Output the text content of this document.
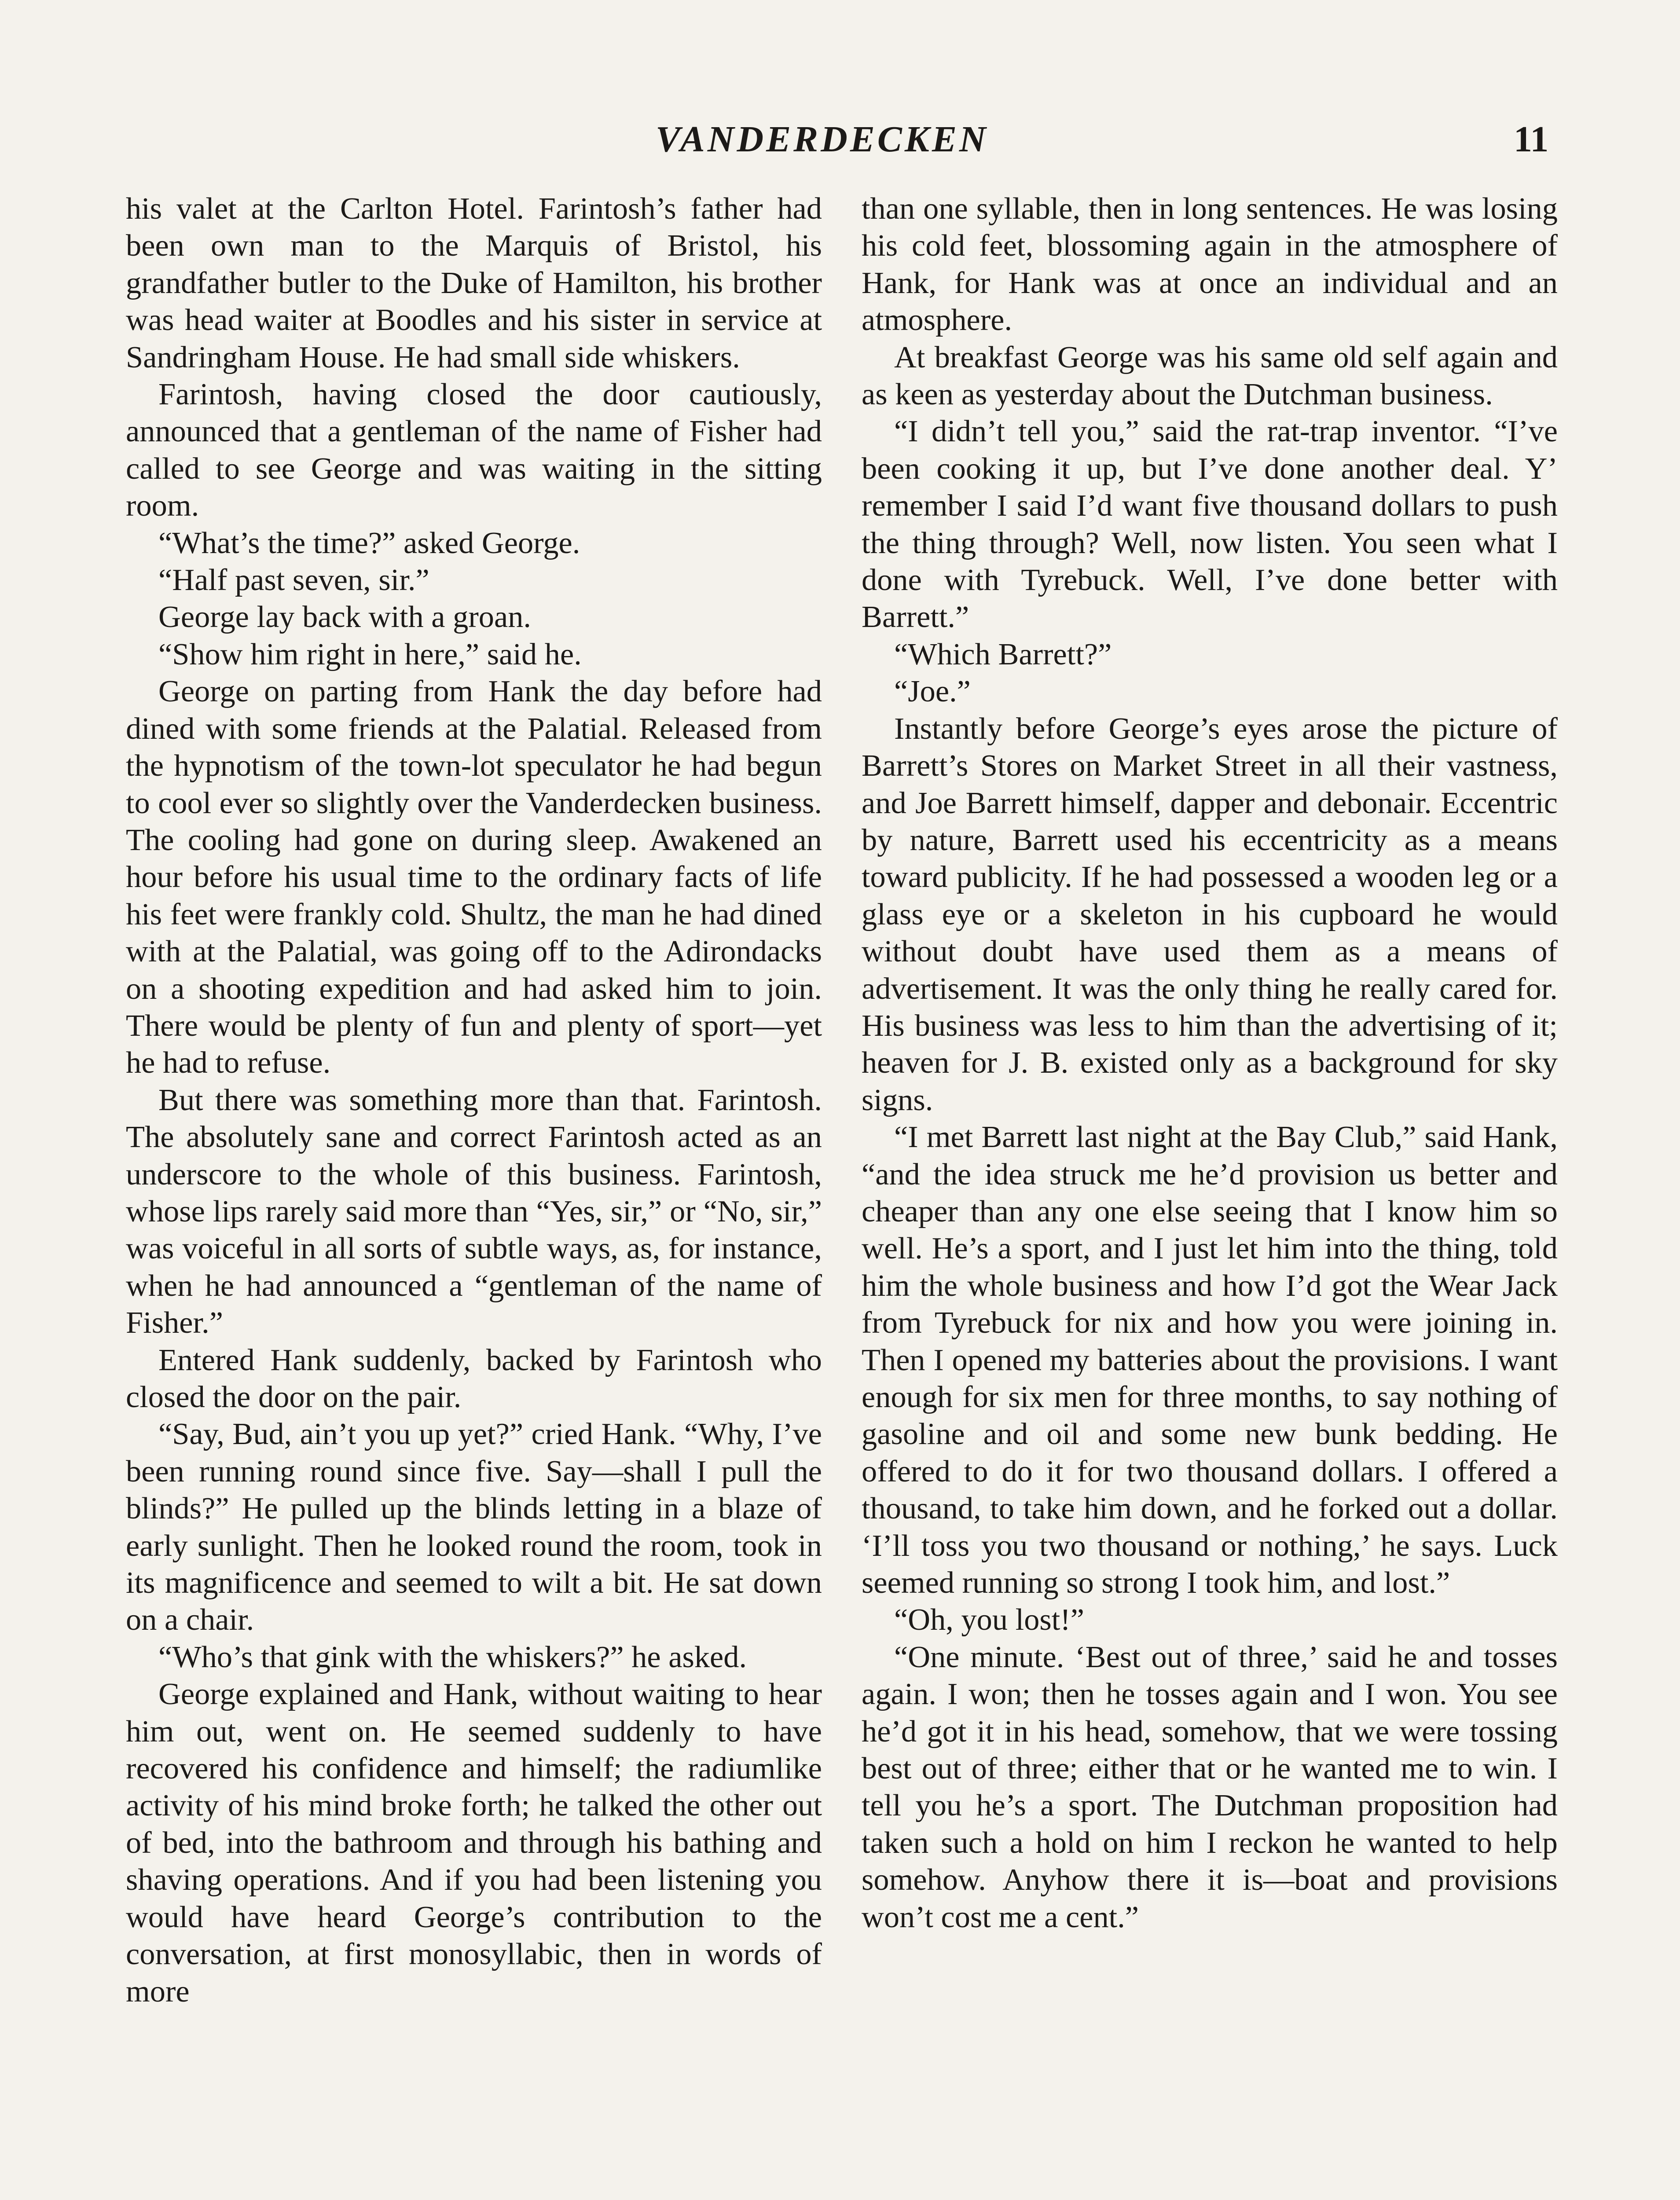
VANDERDECKEN	11

his valet at the Carlton Hotel. Farintosh’s father had been own man to the Marquis of Bristol, his grandfather butler to the Duke of Hamilton, his brother was head waiter at Boodles and his sister in service at Sandringham House. He had small side whiskers.

Farintosh, having closed the door cautiously, announced that a gentleman of the name of Fisher had called to see George and was waiting in the sitting room.

“What’s the time?” asked George.

“Half past seven, sir.”

George lay back with a groan.

“Show him right in here,” said he.

George on parting from Hank the day before had dined with some friends at the Palatial. Released from the hypnotism of the town-lot speculator he had begun to cool ever so slightly over the Vanderdecken business. The cooling had gone on during sleep. Awakened an hour before his usual time to the ordinary facts of life his feet were frankly cold. Shultz, the man he had dined with at the Palatial, was going off to the Adirondacks on a shooting expedition and had asked him to join. There would be plenty of fun and plenty of sport—yet he had to refuse.

But there was something more than that. Farintosh. The absolutely sane and correct Farintosh acted as an underscore to the whole of this business. Farintosh, whose lips rarely said more than “Yes, sir,” or “No, sir,” was voiceful in all sorts of subtle ways, as, for instance, when he had announced a “gentleman of the name of Fisher.”

Entered Hank suddenly, backed by Farintosh who closed the door on the pair.

“Say, Bud, ain’t you up yet?” cried Hank. “Why, I’ve been running round since five. Say—shall I pull the blinds?” He pulled up the blinds letting in a blaze of early sunlight. Then he looked round the room, took in its magnificence and seemed to wilt a bit. He sat down on a chair.

“Who’s that gink with the whiskers?” he asked.

George explained and Hank, without waiting to hear him out, went on. He seemed suddenly to have recovered his confidence and himself; the radiumlike activity of his mind broke forth; he talked the other out of bed, into the bathroom and through his bathing and shaving operations. And if you had been listening you would have heard George’s contribution to the conversation, at first monosyllabic, then in words of more

than one syllable, then in long sentences. He was losing his cold feet, blossoming again in the atmosphere of Hank, for Hank was at once an individual and an atmosphere.

At breakfast George was his same old self again and as keen as yesterday about the Dutchman business.

“I didn’t tell you,” said the rat-trap inventor. “I’ve been cooking it up, but I’ve done another deal. Y’ remember I said I’d want five thousand dollars to push the thing through? Well, now listen. You seen what I done with Tyrebuck. Well, I’ve done better with Barrett.”

“Which Barrett?”

“Joe.”

Instantly before George’s eyes arose the picture of Barrett’s Stores on Market Street in all their vastness, and Joe Barrett himself, dapper and debonair. Eccentric by nature, Barrett used his eccentricity as a means toward publicity. If he had possessed a wooden leg or a glass eye or a skeleton in his cupboard he would without doubt have used them as a means of advertisement. It was the only thing he really cared for. His business was less to him than the advertising of it; heaven for J. B. existed only as a background for sky signs.

“I met Barrett last night at the Bay Club,” said Hank, “and the idea struck me he’d provision us better and cheaper than any one else seeing that I know him so well. He’s a sport, and I just let him into the thing, told him the whole business and how I’d got the Wear Jack from Tyrebuck for nix and how you were joining in. Then I opened my batteries about the provisions. I want enough for six men for three months, to say nothing of gasoline and oil and some new bunk bedding. He offered to do it for two thousand dollars. I offered a thousand, to take him down, and he forked out a dollar. ‘I’ll toss you two thousand or nothing,’ he says. Luck seemed running so strong I took him, and lost.”

“Oh, you lost!”

“One minute. ‘Best out of three,’ said he and tosses again. I won; then he tosses again and I won. You see he’d got it in his head, somehow, that we were tossing best out of three; either that or he wanted me to win. I tell you he’s a sport. The Dutchman proposition had taken such a hold on him I reckon he wanted to help somehow. Anyhow there it is—boat and provisions won’t cost me a cent.”
